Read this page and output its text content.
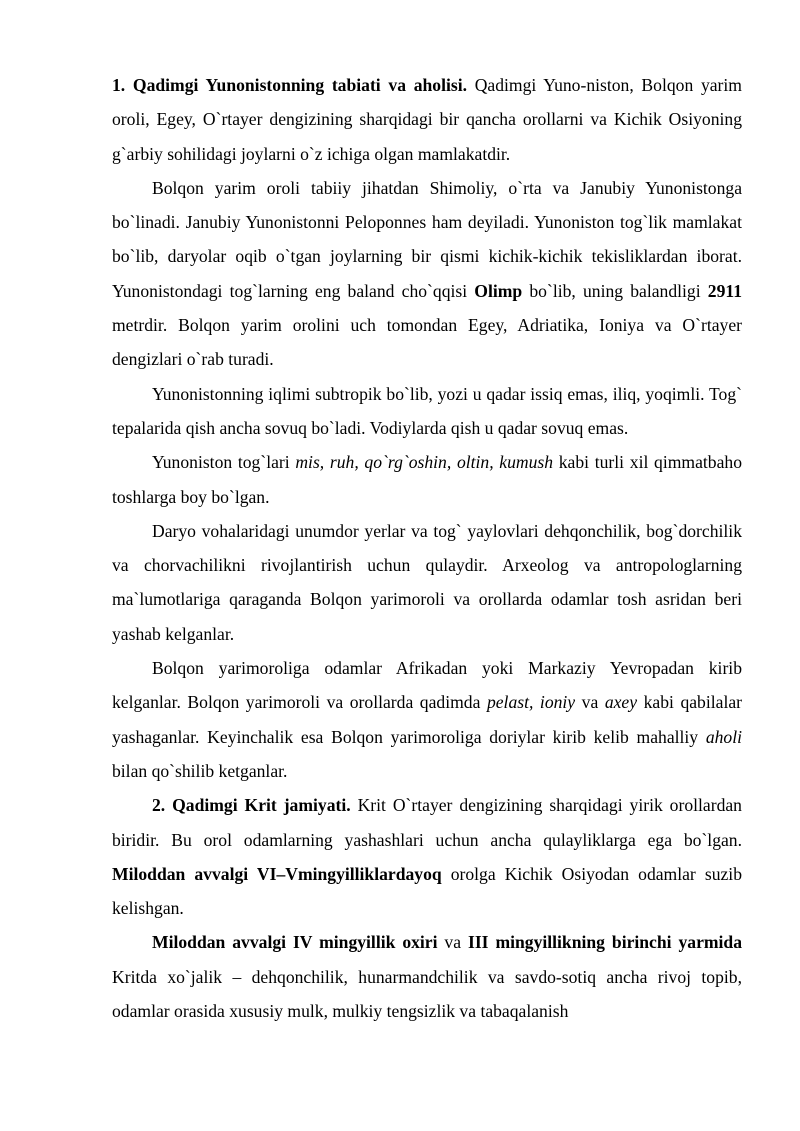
1. Qadimgi Yunonistonning tabiati va aholisi. Qadimgi Yuno-niston, Bolqon yarim oroli, Egey, O`rtayer dengizining sharqidagi bir qancha orollarni va Kichik Osiyoning g`arbiy sohilidagi joylarni o`z ichiga olgan mamlakatdir.

Bolqon yarim oroli tabiiy jihatdan Shimoliy, o`rta va Janubiy Yunonistonga bo`linadi. Janubiy Yunonistonni Peloponnes ham deyiladi. Yunoniston tog`lik mamlakat bo`lib, daryolar oqib o`tgan joylarning bir qismi kichik-kichik tekisliklardan iborat. Yunonistondagi tog`larning eng baland cho`qqisi Olimp bo`lib, uning balandligi 2911 metrdir. Bolqon yarim orolini uch tomondan Egey, Adriatika, Ioniya va O`rtayer dengizlari o`rab turadi.

Yunonistonning iqlimi subtropik bo`lib, yozi u qadar issiq emas, iliq, yoqimli. Tog` tepalarida qish ancha sovuq bo`ladi. Vodiylarda qish u qadar sovuq emas.

Yunoniston tog`lari mis, ruh, qo`rg`oshin, oltin, kumush kabi turli xil qimmatbaho toshlarga boy bo`lgan.

Daryo vohalaridagi unumdor yerlar va tog` yaylovlari dehqonchilik, bog`dorchilik va chorvachilikni rivojlantirish uchun qulaydir. Arxeolog va antropologlarning ma`lumotlariga qaraganda Bolqon yarimoroli va orollarda odamlar tosh asridan beri yashab kelganlar.

Bolqon yarimoroliga odamlar Afrikadan yoki Markaziy Yevropadan kirib kelganlar. Bolqon yarimoroli va orollarda qadimda pelast, ioniy va axey kabi qabilalar yashaganlar. Keyinchalik esa Bolqon yarimoroliga doriylar kirib kelib mahalliy aholi bilan qo`shilib ketganlar.

2. Qadimgi Krit jamiyati. Krit O`rtayer dengizining sharqidagi yirik orollardan biridir. Bu orol odamlarning yashashlari uchun ancha qulayliklarga ega bo`lgan. Miloddan avvalgi VI–Vmingyilliklardayoq orolga Kichik Osiyodan odamlar suzib kelishgan.

Miloddan avvalgi IV mingyillik oxiri va III mingyillikning birinchi yarmida Kritda xo`jalik – dehqonchilik, hunarmandchilik va savdo-sotiq ancha rivoj topib, odamlar orasida xususiy mulk, mulkiy tengsizlik va tabaqalanish
